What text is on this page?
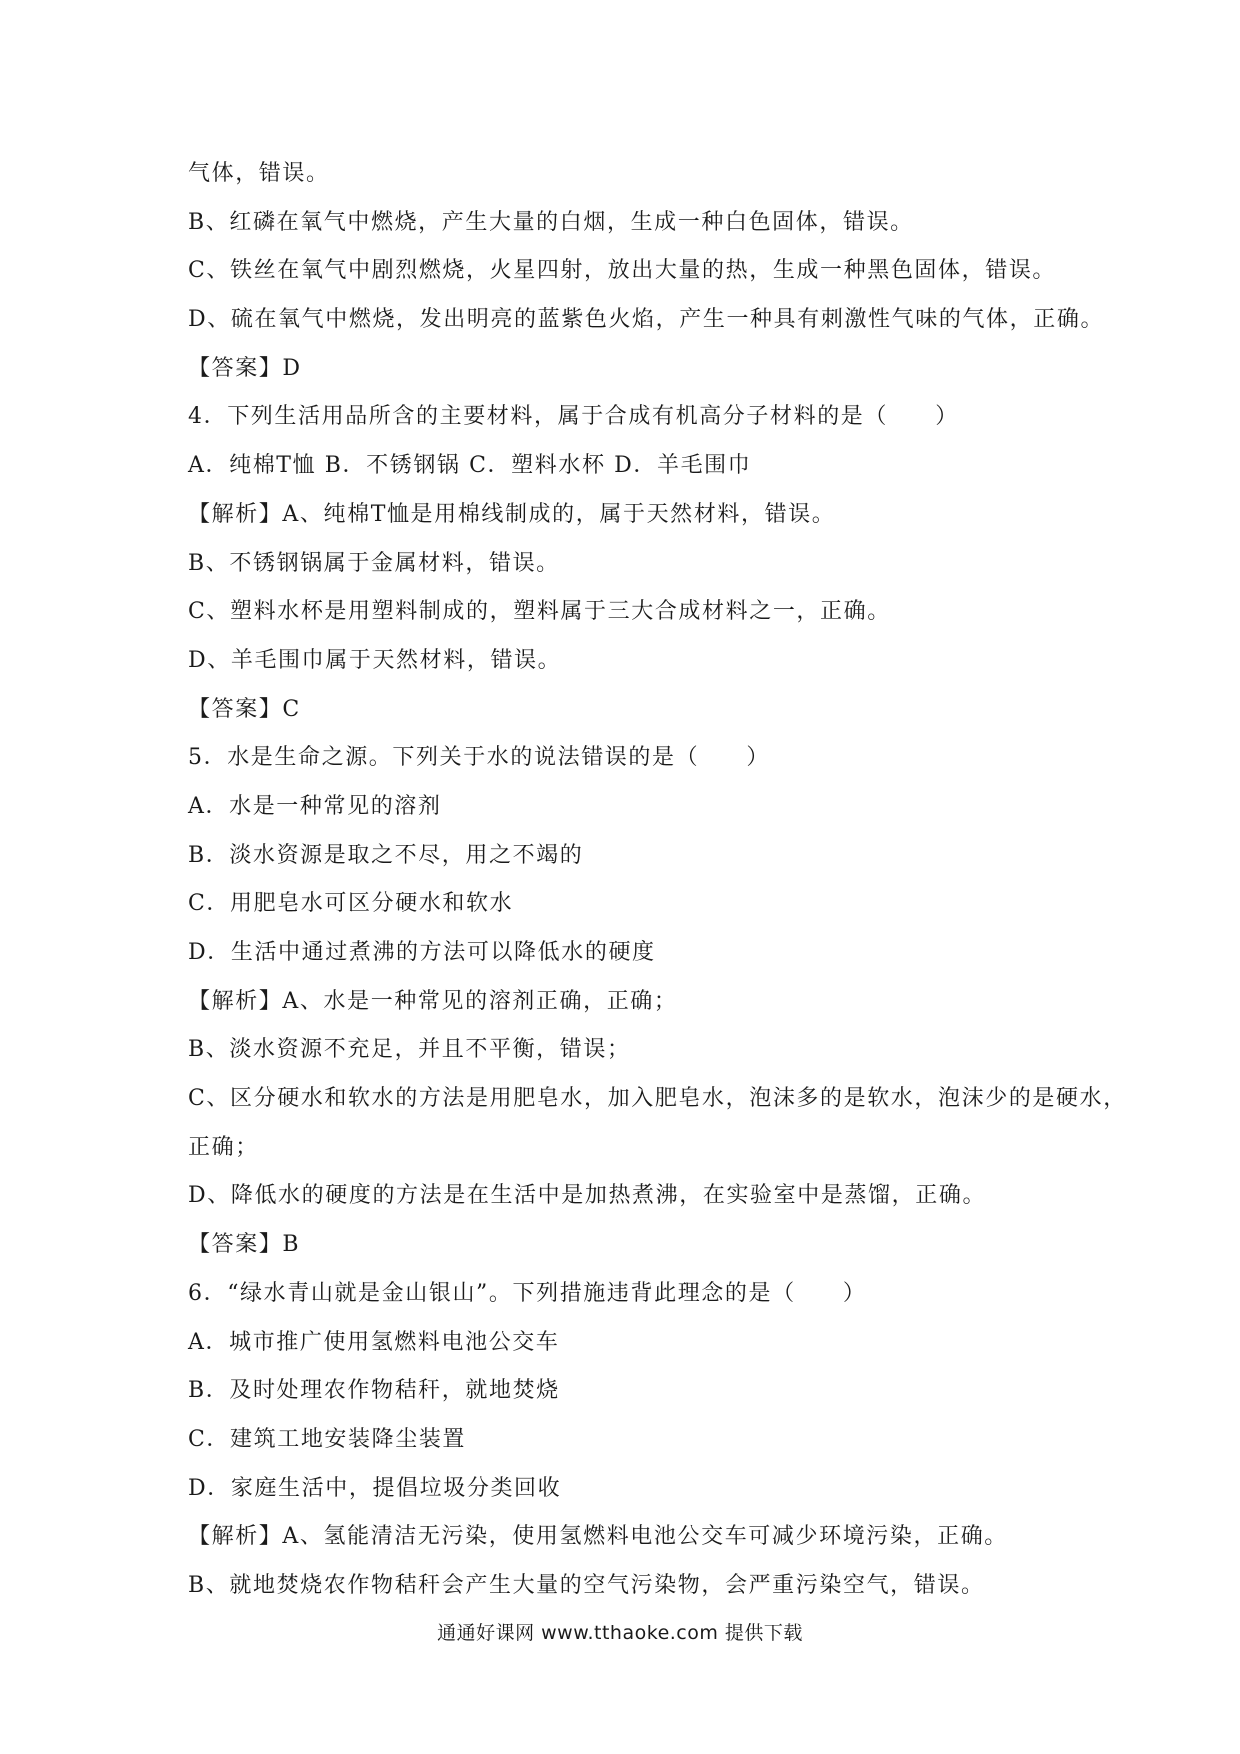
气体，错误。
B、红磷在氧气中燃烧，产生大量的白烟，生成一种白色固体，错误。
C、铁丝在氧气中剧烈燃烧，火星四射，放出大量的热，生成一种黑色固体，错误。
D、硫在氧气中燃烧，发出明亮的蓝紫色火焰，产生一种具有刺激性气味的气体，正确。
【答案】D
4．下列生活用品所含的主要材料，属于合成有机高分子材料的是（　　）
A．纯棉T恤 B．不锈钢锅 C．塑料水杯 D．羊毛围巾
【解析】A、纯棉T恤是用棉线制成的，属于天然材料，错误。
B、不锈钢锅属于金属材料，错误。
C、塑料水杯是用塑料制成的，塑料属于三大合成材料之一，正确。
D、羊毛围巾属于天然材料，错误。
【答案】C
5．水是生命之源。下列关于水的说法错误的是（　　）
A．水是一种常见的溶剂
B．淡水资源是取之不尽，用之不竭的
C．用肥皂水可区分硬水和软水
D．生活中通过煮沸的方法可以降低水的硬度
【解析】A、水是一种常见的溶剂正确，正确；
B、淡水资源不充足，并且不平衡，错误；
C、区分硬水和软水的方法是用肥皂水，加入肥皂水，泡沫多的是软水，泡沫少的是硬水，
正确；
D、降低水的硬度的方法是在生活中是加热煮沸，在实验室中是蒸馏，正确。
【答案】B
6．“绿水青山就是金山银山”。下列措施违背此理念的是（　　）
A．城市推广使用氢燃料电池公交车
B．及时处理农作物秸秆，就地焚烧
C．建筑工地安装降尘装置
D．家庭生活中，提倡垃圾分类回收
【解析】A、氢能清洁无污染，使用氢燃料电池公交车可减少环境污染，正确。
B、就地焚烧农作物秸秆会产生大量的空气污染物，会严重污染空气，错误。
通通好课网 www.tthaoke.com 提供下载
